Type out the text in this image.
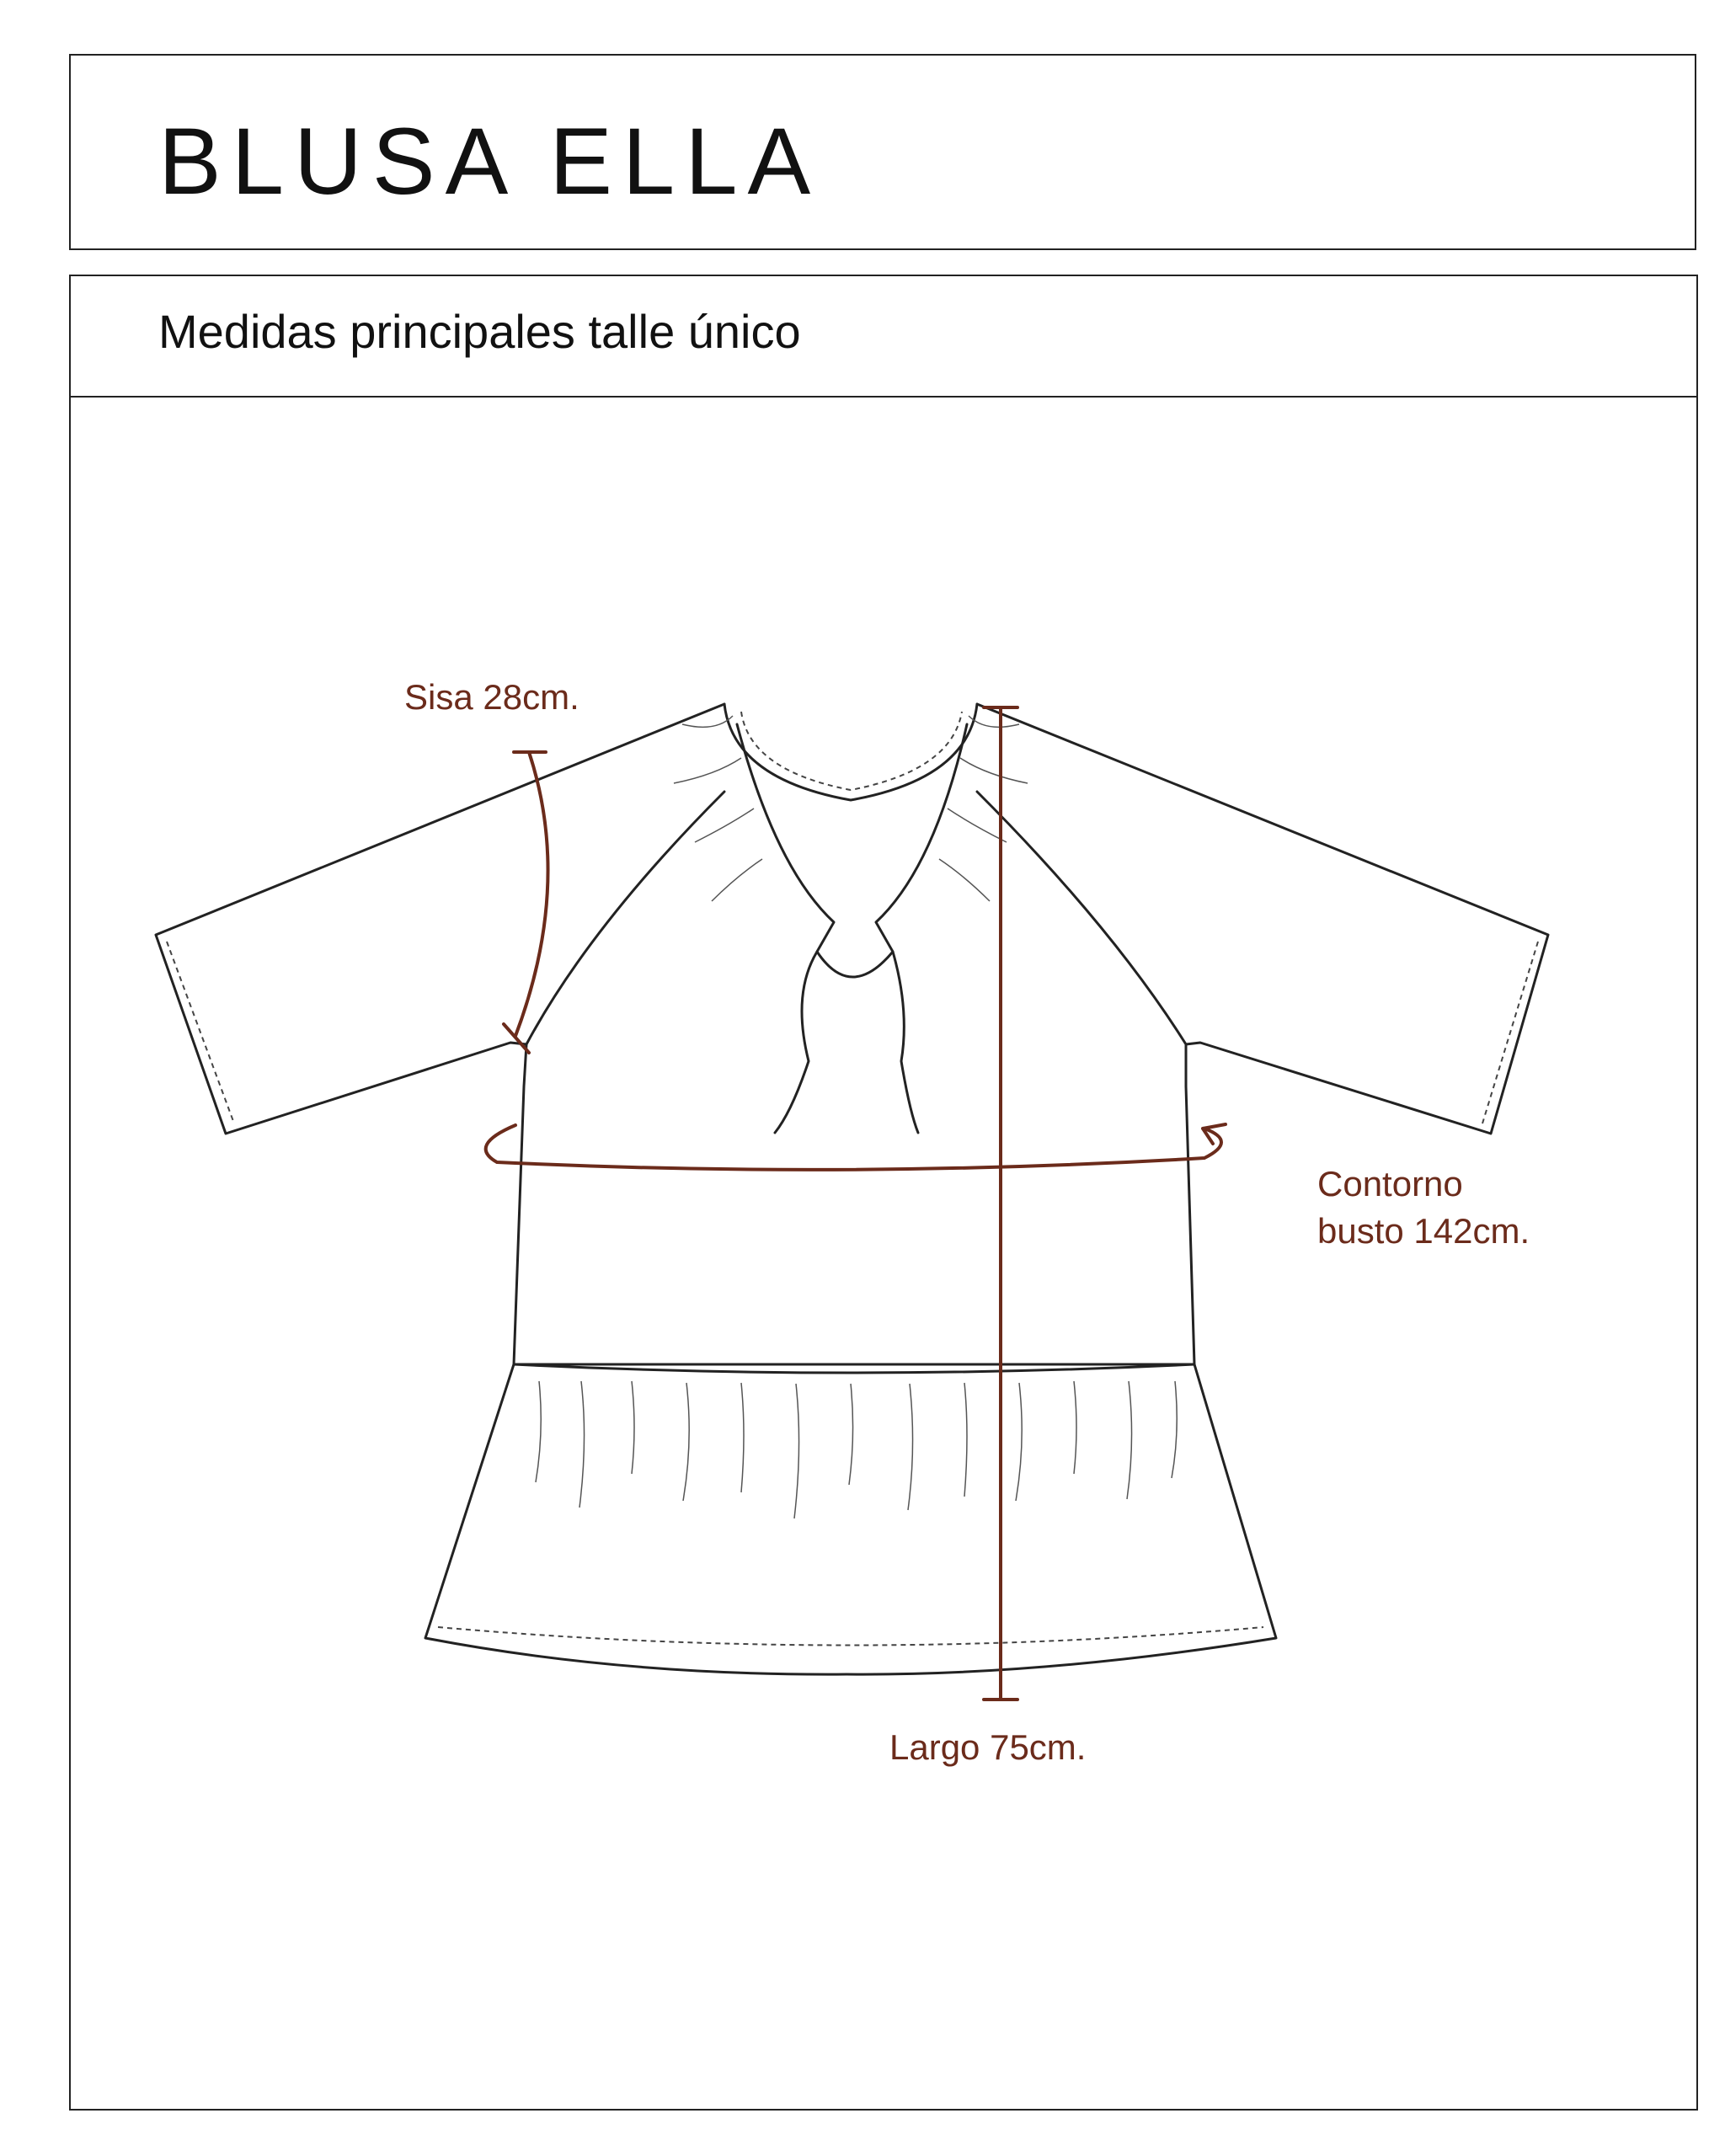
BLUSA ELLA
Medidas principales talle único
Sisa 28cm.
Contorno
busto 142cm.
Largo 75cm.
